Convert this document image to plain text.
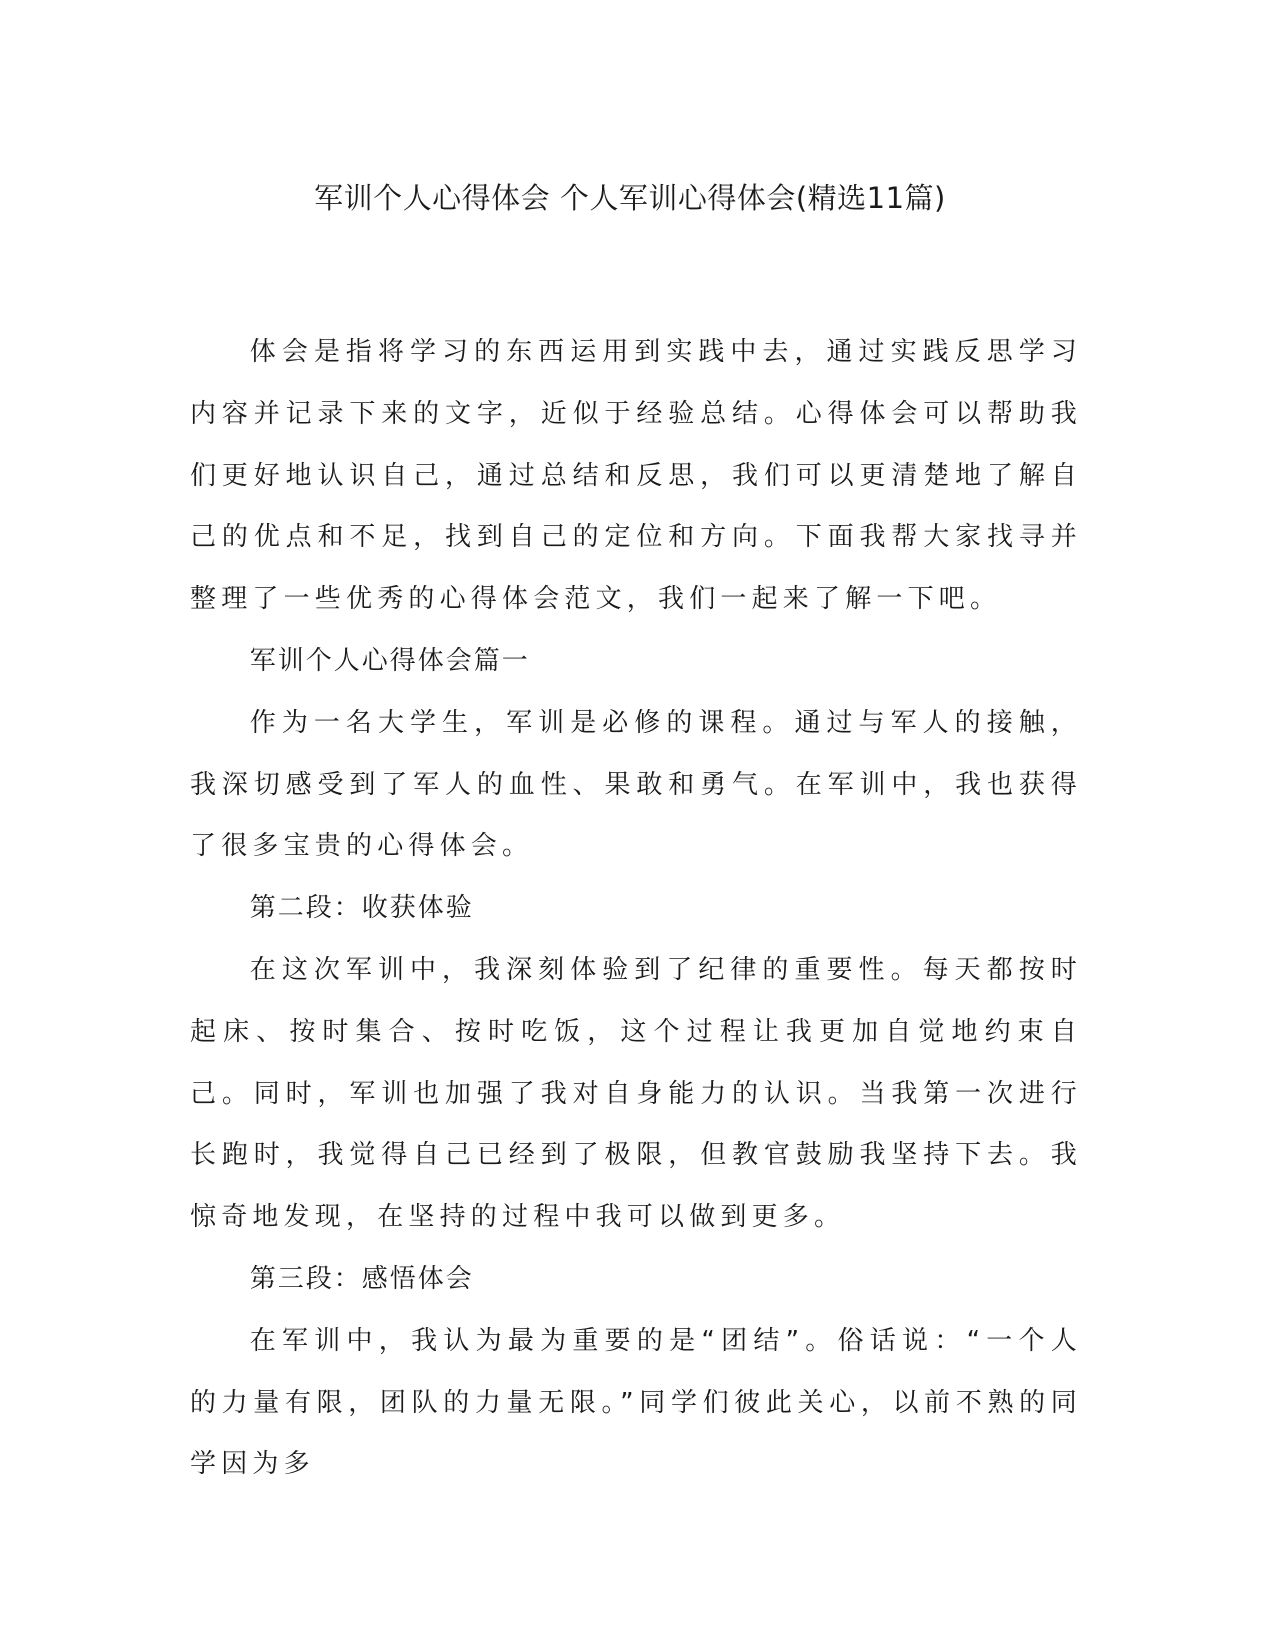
军训个人心得体会 个人军训心得体会(精选11篇)

体会是指将学习的东西运用到实践中去，通过实践反思学习内容并记录下来的文字，近似于经验总结。心得体会可以帮助我们更好地认识自己，通过总结和反思，我们可以更清楚地了解自己的优点和不足，找到自己的定位和方向。下面我帮大家找寻并整理了一些优秀的心得体会范文，我们一起来了解一下吧。

军训个人心得体会篇一

作为一名大学生，军训是必修的课程。通过与军人的接触，我深切感受到了军人的血性、果敢和勇气。在军训中，我也获得了很多宝贵的心得体会。

第二段：收获体验

在这次军训中，我深刻体验到了纪律的重要性。每天都按时起床、按时集合、按时吃饭，这个过程让我更加自觉地约束自己。同时，军训也加强了我对自身能力的认识。当我第一次进行长跑时，我觉得自己已经到了极限，但教官鼓励我坚持下去。我惊奇地发现，在坚持的过程中我可以做到更多。

第三段：感悟体会

在军训中，我认为最为重要的是“团结”。俗话说：“一个人的力量有限，团队的力量无限。”同学们彼此关心，以前不熟的同学因为多
